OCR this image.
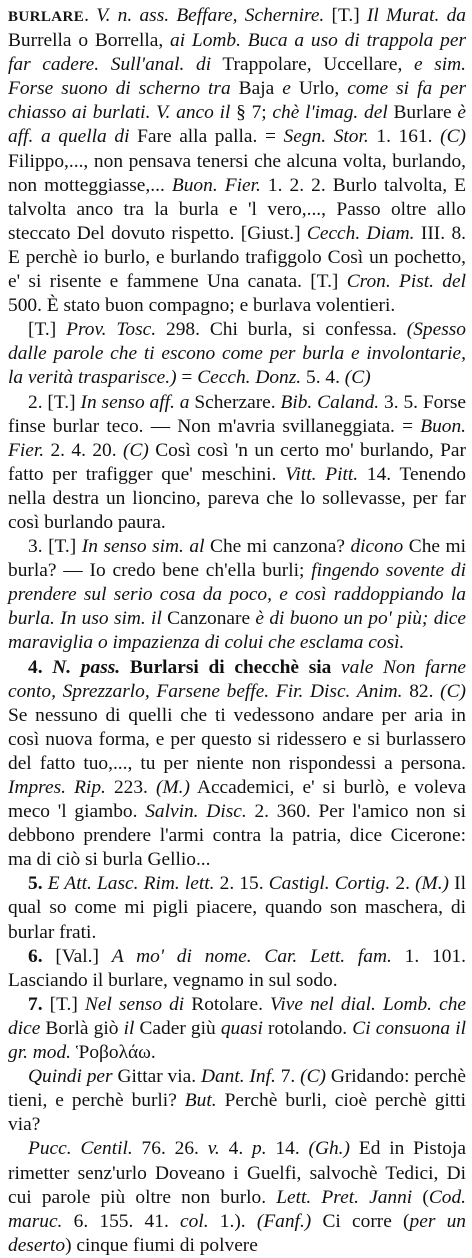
BURLARE. V. n. ass. Beffare, Schernire. [T.] Il Murat. da Burrella o Borrella, ai Lomb. Buca a uso di trappola per far cadere. Sull'anal. di Trappolare, Uccellare, e sim. Forse suono di scherno tra Baja e Urlo, come si fa per chiasso ai burlati. V. anco il § 7; chè l'imag. del Burlare è aff. a quella di Fare alla palla. = Segn. Stor. 1. 161. (C) Filippo,..., non pensava tenersi che alcuna volta, burlando, non motteggiasse,... Buon. Fier. 1. 2. 2. Burlo talvolta, E talvolta anco tra la burla e 'l vero,..., Passo oltre allo steccato Del dovuto rispetto. [Giust.] Cecch. Diam. III. 8. E perchè io burlo, e burlando trafiggolo Così un pochetto, e' si risente e fammene Una canata. [T.] Cron. Pist. del 500. È stato buon compagno; e burlava volentieri.

[T.] Prov. Tosc. 298. Chi burla, si confessa. (Spesso dalle parole che ti escono come per burla e involontarie, la verità trasparisce.) = Cecch. Donz. 5. 4. (C)

2. [T.] In senso aff. a Scherzare. Bib. Caland. 3. 5. Forse finse burlar teco. — Non m'avria svillaneggiata. = Buon. Fier. 2. 4. 20. (C) Così così 'n un certo mo' burlando, Par fatto per trafigger que' meschini. Vitt. Pitt. 14. Tenendo nella destra un lioncino, pareva che lo sollevasse, per far così burlando paura.

3. [T.] In senso sim. al Che mi canzona? dicono Che mi burla? — Io credo bene ch'ella burli; fingendo sovente di prendere sul serio cosa da poco, e così raddoppiando la burla. In uso sim. il Canzonare è di buono un po' più; dice maraviglia o impazienza di colui che esclama così.

4. N. pass. Burlarsi di checchè sia vale Non farne conto, Sprezzarlo, Farsene beffe. Fir. Disc. Anim. 82. (C) Se nessuno di quelli che ti vedessono andare per aria in così nuova forma, e per questo si ridessero e si burlassero del fatto tuo,..., tu per niente non rispondessi a persona. Impres. Rip. 223. (M.) Accademici, e' si burlò, e voleva meco 'l giambo. Salvin. Disc. 2. 360. Per l'amico non si debbono prendere l'armi contra la patria, dice Cicerone: ma di ciò si burla Gellio...

5. E Att. Lasc. Rim. lett. 2. 15. Castigl. Cortig. 2. (M.) Il qual so come mi pigli piacere, quando son maschera, di burlar frati.

6. [Val.] A mo' di nome. Car. Lett. fam. 1. 101. Lasciando il burlare, vegnamo in sul sodo.

7. [T.] Nel senso di Rotolare. Vive nel dial. Lomb. che dice Borlà giò il Cader giù quasi rotolando. Ci consuona il gr. mod. Ῥοβολάω.

Quindi per Gittar via. Dant. Inf. 7. (C) Gridando: perchè tieni, e perchè burli? But. Perchè burli, cioè perchè gitti via?

Pucc. Centil. 76. 26. v. 4. p. 14. (Gh.) Ed in Pistoja rimetter senz'urlo Doveano i Guelfi, salvochè Tedici, Di cui parole più oltre non burlo. Lett. Pret. Janni (Cod. maruc. 6. 155. 41. col. 1.). (Fanf.) Ci corre (per un deserto) cinque fiumi di polvere
